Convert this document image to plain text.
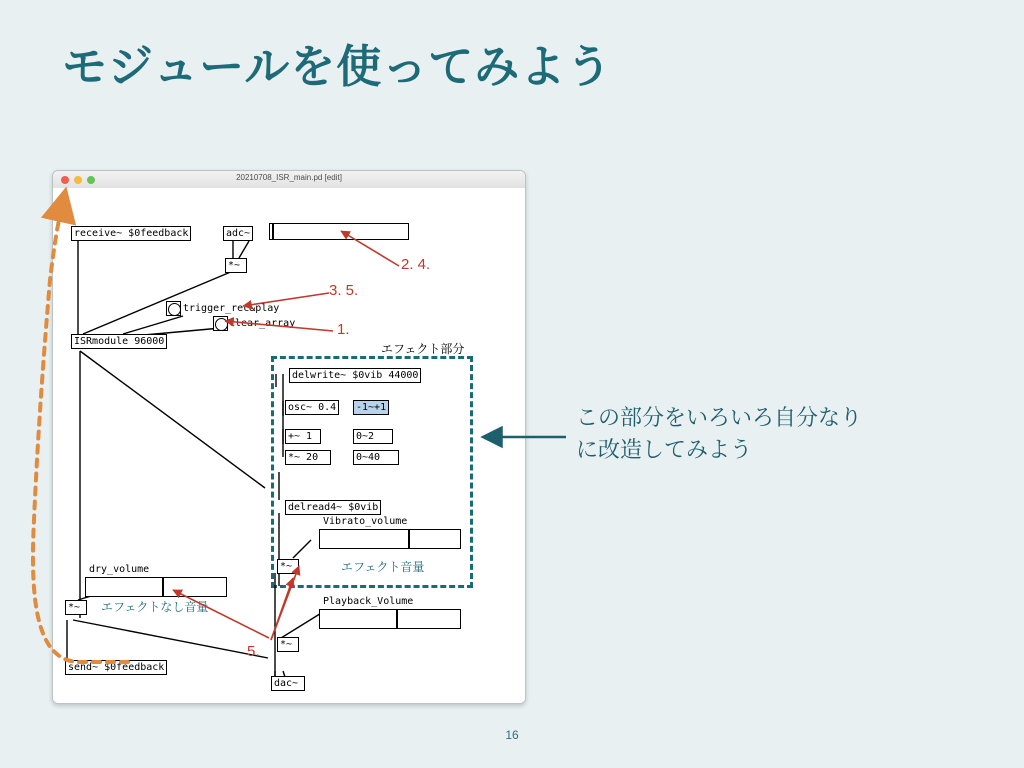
モジュールを使ってみよう
20210708_ISR_main.pd [edit]
receive~ $0feedback	adc~
*~
trigger_rec&play
clear_array
ISRmodule 96000
エフェクト部分
delwrite~ $0vib 44000
osc~ 0.4	-1~+1
+~ 1	0~2
*~ 20	0~40
delread4~ $0vib
Vibrato_volume
*~	エフェクト音量
dry_volume
*~	エフェクトなし音量	Playback_Volume
*~
send~ $0feedback
dac~
2. 4.
3. 5.
1.
5.
この部分をいろいろ自分なり
に改造してみよう
16
